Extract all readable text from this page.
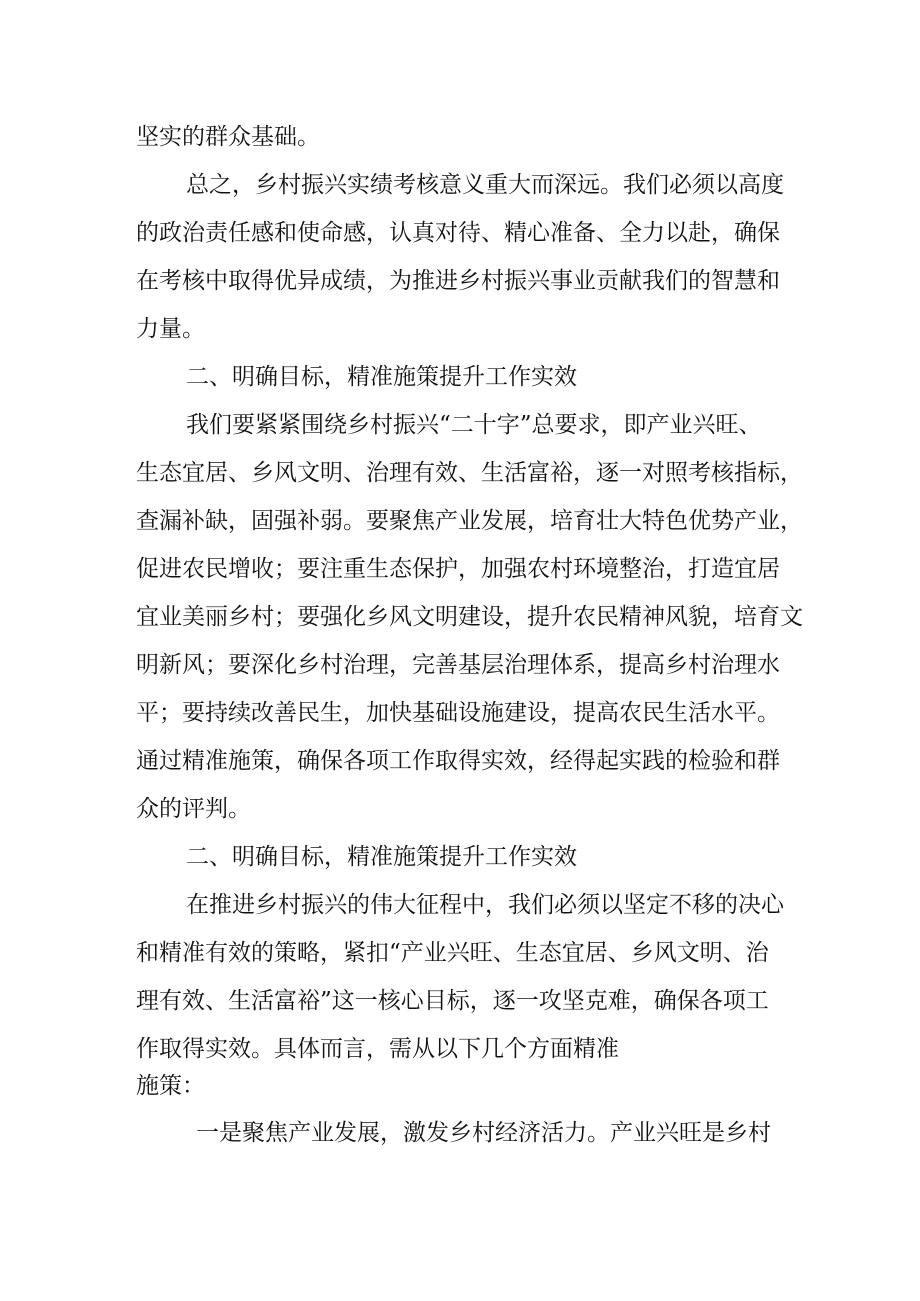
坚实的群众基础。
总之，乡村振兴实绩考核意义重大而深远。我们必须以高度
的政治责任感和使命感，认真对待、精心准备、全力以赴，确保
在考核中取得优异成绩，为推进乡村振兴事业贡献我们的智慧和
力量。
二、明确目标，精准施策提升工作实效
我们要紧紧围绕乡村振兴“二十字”总要求，即产业兴旺、
生态宜居、乡风文明、治理有效、生活富裕，逐一对照考核指标，
查漏补缺，固强补弱。要聚焦产业发展，培育壮大特色优势产业，
促进农民增收；要注重生态保护，加强农村环境整治，打造宜居
宜业美丽乡村；要强化乡风文明建设，提升农民精神风貌，培育文
明新风；要深化乡村治理，完善基层治理体系，提高乡村治理水
平；要持续改善民生，加快基础设施建设，提高农民生活水平。
通过精准施策，确保各项工作取得实效，经得起实践的检验和群
众的评判。
二、明确目标，精准施策提升工作实效
在推进乡村振兴的伟大征程中，我们必须以坚定不移的决心
和精准有效的策略，紧扣“产业兴旺、生态宜居、乡风文明、治
理有效、生活富裕”这一核心目标，逐一攻坚克难，确保各项工
作取得实效。具体而言，需从以下几个方面精准
施策：
一是聚焦产业发展，激发乡村经济活力。产业兴旺是乡村
